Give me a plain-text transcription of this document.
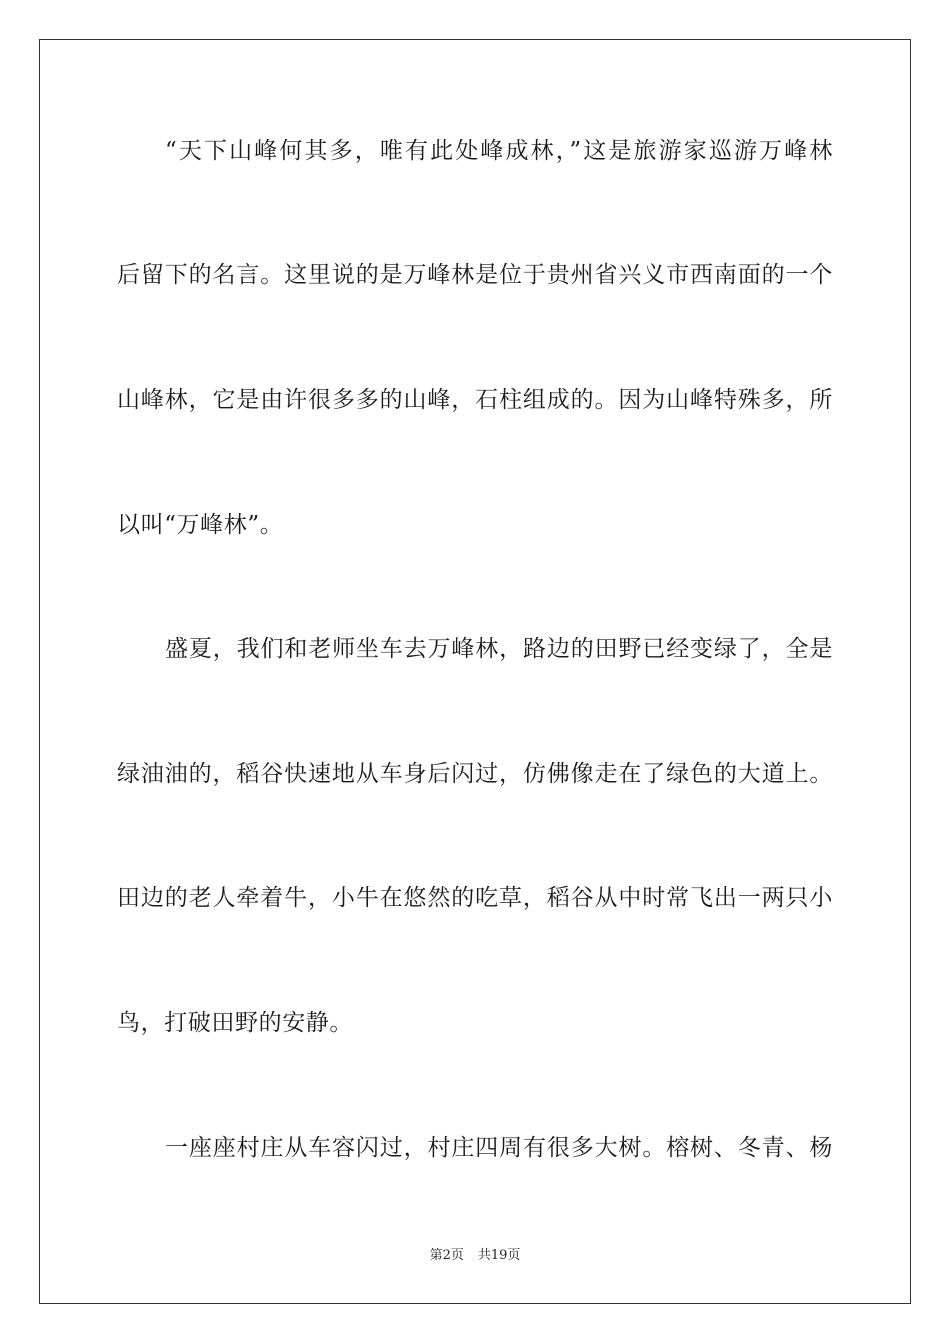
“天下山峰何其多，唯有此处峰成林，”这是旅游家巡游万峰林
后留下的名言。这里说的是万峰林是位于贵州省兴义市西南面的一个
山峰林，它是由许很多多的山峰，石柱组成的。因为山峰特殊多，所
以叫“万峰林”。
盛夏，我们和老师坐车去万峰林，路边的田野已经变绿了，全是
绿油油的，稻谷快速地从车身后闪过，仿佛像走在了绿色的大道上。
田边的老人牵着牛，小牛在悠然的吃草，稻谷从中时常飞出一两只小
鸟，打破田野的安静。
一座座村庄从车容闪过，村庄四周有很多大树。榕树、冬青、杨
第2页 共19页
